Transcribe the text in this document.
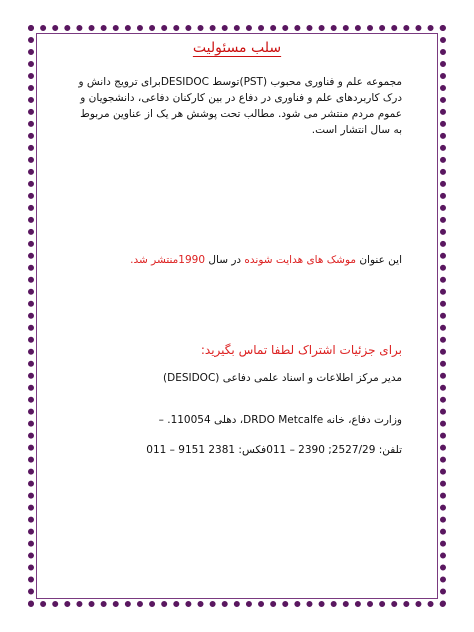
سلب مسئولیت
مجموعه علم و فناوری محبوب (PST)توسط DESIDOCبرای ترویج دانش و درک کاربردهای علم و فناوری در دفاع در بین کارکنان دفاعی، دانشجویان و عموم مردم منتشر می شود. مطالب تحت پوشش هر یک از عناوین مربوط به سال انتشار است.
این عنوان موشک های هدایت شونده در سال 1990منتشر شد.
برای جزئیات اشتراک لطفا تماس بگیرید:
مدیر مرکز اطلاعات و اسناد علمی دفاعی (DESIDOC)
وزارت دفاع، خانه DRDO Metcalfe، دهلی 110054. –
تلفن: 2527/29; 2390 – 011فکس: 2381 9151 – 011
